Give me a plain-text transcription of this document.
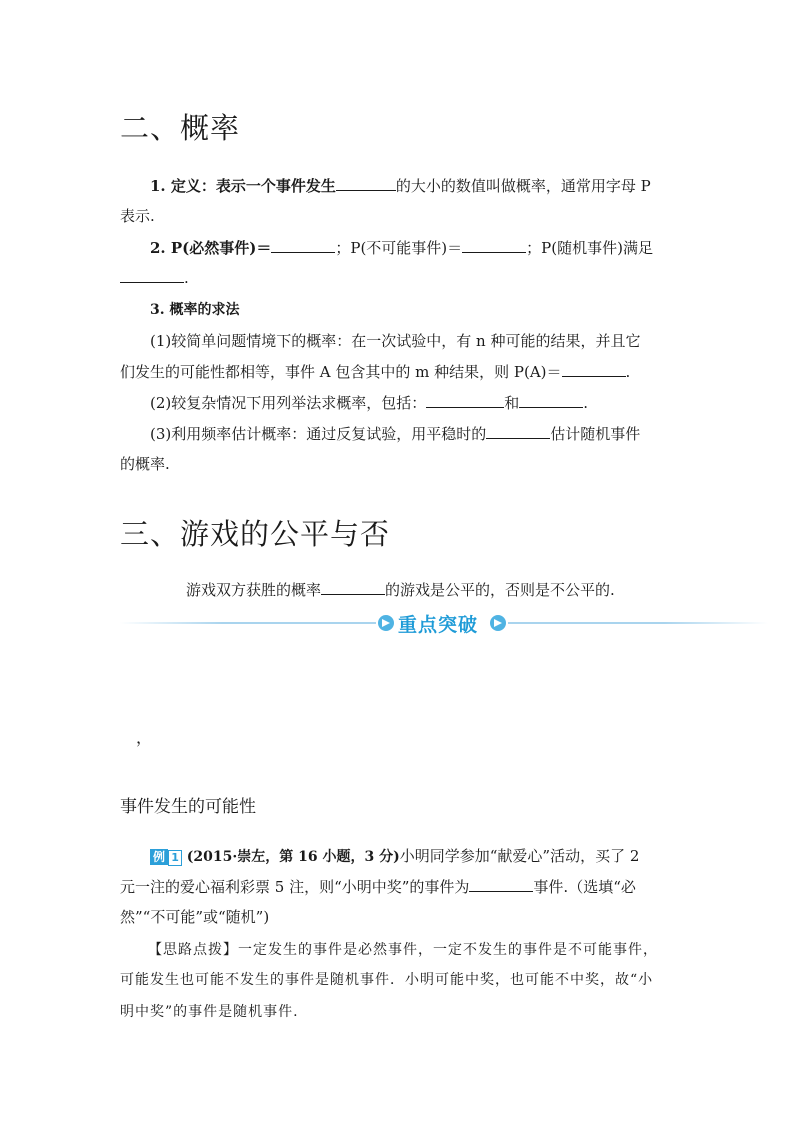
二、概率
1. 定义：表示一个事件发生	的大小的数值叫做概率，通常用字母 P
表示.
2. P(必然事件)＝	；P(不可能事件)＝	；P(随机事件)满足
.
3. 概率的求法
(1)较简单问题情境下的概率：在一次试验中，有 n 种可能的结果，并且它
们发生的可能性都相等，事件 A 包含其中的 m 种结果，则 P(A)＝	.
(2)较复杂情况下用列举法求概率，包括：	和	.
(3)利用频率估计概率：通过反复试验，用平稳时的	估计随机事件
的概率.
三、游戏的公平与否
游戏双方获胜的概率	的游戏是公平的，否则是不公平的.
重点突破
，
事件发生的可能性
例 1 (2015·崇左，第 16 小题，3 分)小明同学参加“献爱心”活动，买了 2
元一注的爱心福利彩票 5 注，则“小明中奖”的事件为	事件.（选填“必
然”“不可能”或“随机”)
【思路点拨】一定发生的事件是必然事件，一定不发生的事件是不可能事件，
可能发生也可能不发生的事件是随机事件．小明可能中奖，也可能不中奖，故“小
明中奖”的事件是随机事件.
